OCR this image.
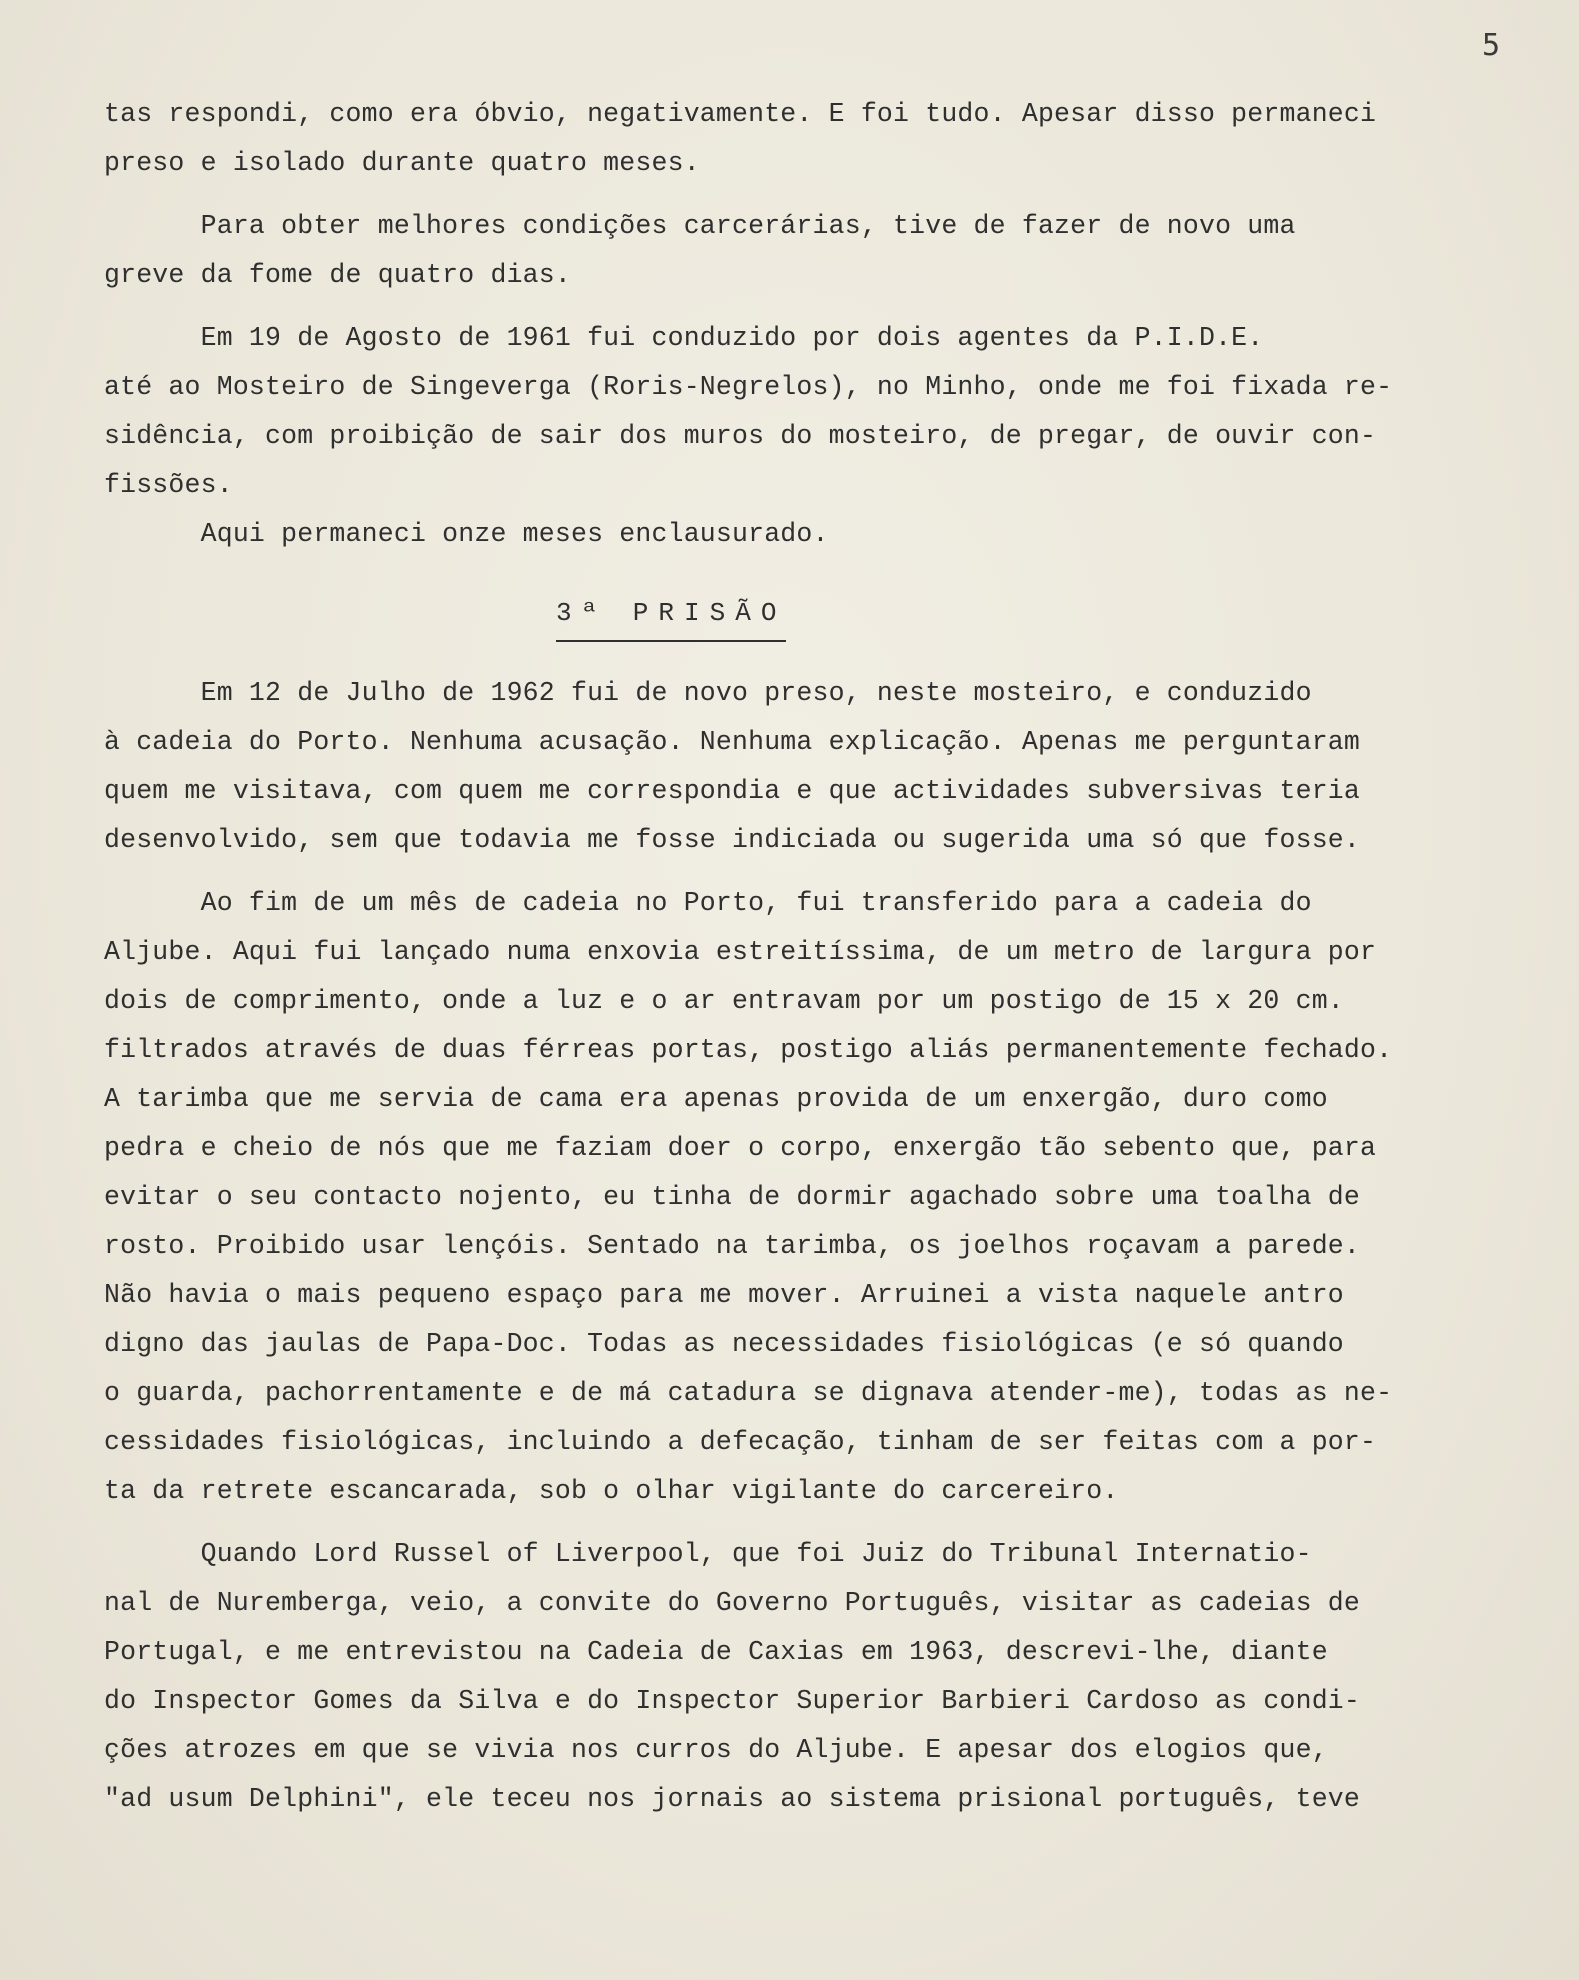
5
tas respondi, como era óbvio, negativamente. E foi tudo. Apesar disso permaneci
preso e isolado durante quatro meses.
Para obter melhores condições carcerárias, tive de fazer de novo uma
greve da fome de quatro dias.
Em 19 de Agosto de 1961 fui conduzido por dois agentes da P.I.D.E.
até ao Mosteiro de Singeverga (Roris-Negrelos), no Minho, onde me foi fixada re-
sidência, com proibição de sair dos muros do mosteiro, de pregar, de ouvir con-
fissões.
Aqui permaneci onze meses enclausurado.
3ª PRISÃO
Em 12 de Julho de 1962 fui de novo preso, neste mosteiro, e conduzido
à cadeia do Porto. Nenhuma acusação. Nenhuma explicação. Apenas me perguntaram
quem me visitava, com quem me correspondia e que actividades subversivas teria
desenvolvido, sem que todavia me fosse indiciada ou sugerida uma só que fosse.
Ao fim de um mês de cadeia no Porto, fui transferido para a cadeia do
Aljube. Aqui fui lançado numa enxovia estreitíssima, de um metro de largura por
dois de comprimento, onde a luz e o ar entravam por um postigo de 15 x 20 cm.
filtrados através de duas férreas portas, postigo aliás permanentemente fechado.
A tarimba que me servia de cama era apenas provida de um enxergão, duro como
pedra e cheio de nós que me faziam doer o corpo, enxergão tão sebento que, para
evitar o seu contacto nojento, eu tinha de dormir agachado sobre uma toalha de
rosto. Proibido usar lençóis. Sentado na tarimba, os joelhos roçavam a parede.
Não havia o mais pequeno espaço para me mover. Arruinei a vista naquele antro
digno das jaulas de Papa-Doc. Todas as necessidades fisiológicas (e só quando
o guarda, pachorrentamente e de má catadura se dignava atender-me), todas as ne-
cessidades fisiológicas, incluindo a defecação, tinham de ser feitas com a por-
ta da retrete escancarada, sob o olhar vigilante do carcereiro.
Quando Lord Russel of Liverpool, que foi Juiz do Tribunal Internatio-
nal de Nuremberga, veio, a convite do Governo Português, visitar as cadeias de
Portugal, e me entrevistou na Cadeia de Caxias em 1963, descrevi-lhe, diante
do Inspector Gomes da Silva e do Inspector Superior Barbieri Cardoso as condi-
ções atrozes em que se vivia nos curros do Aljube. E apesar dos elogios que,
"ad usum Delphini", ele teceu nos jornais ao sistema prisional português, teve
